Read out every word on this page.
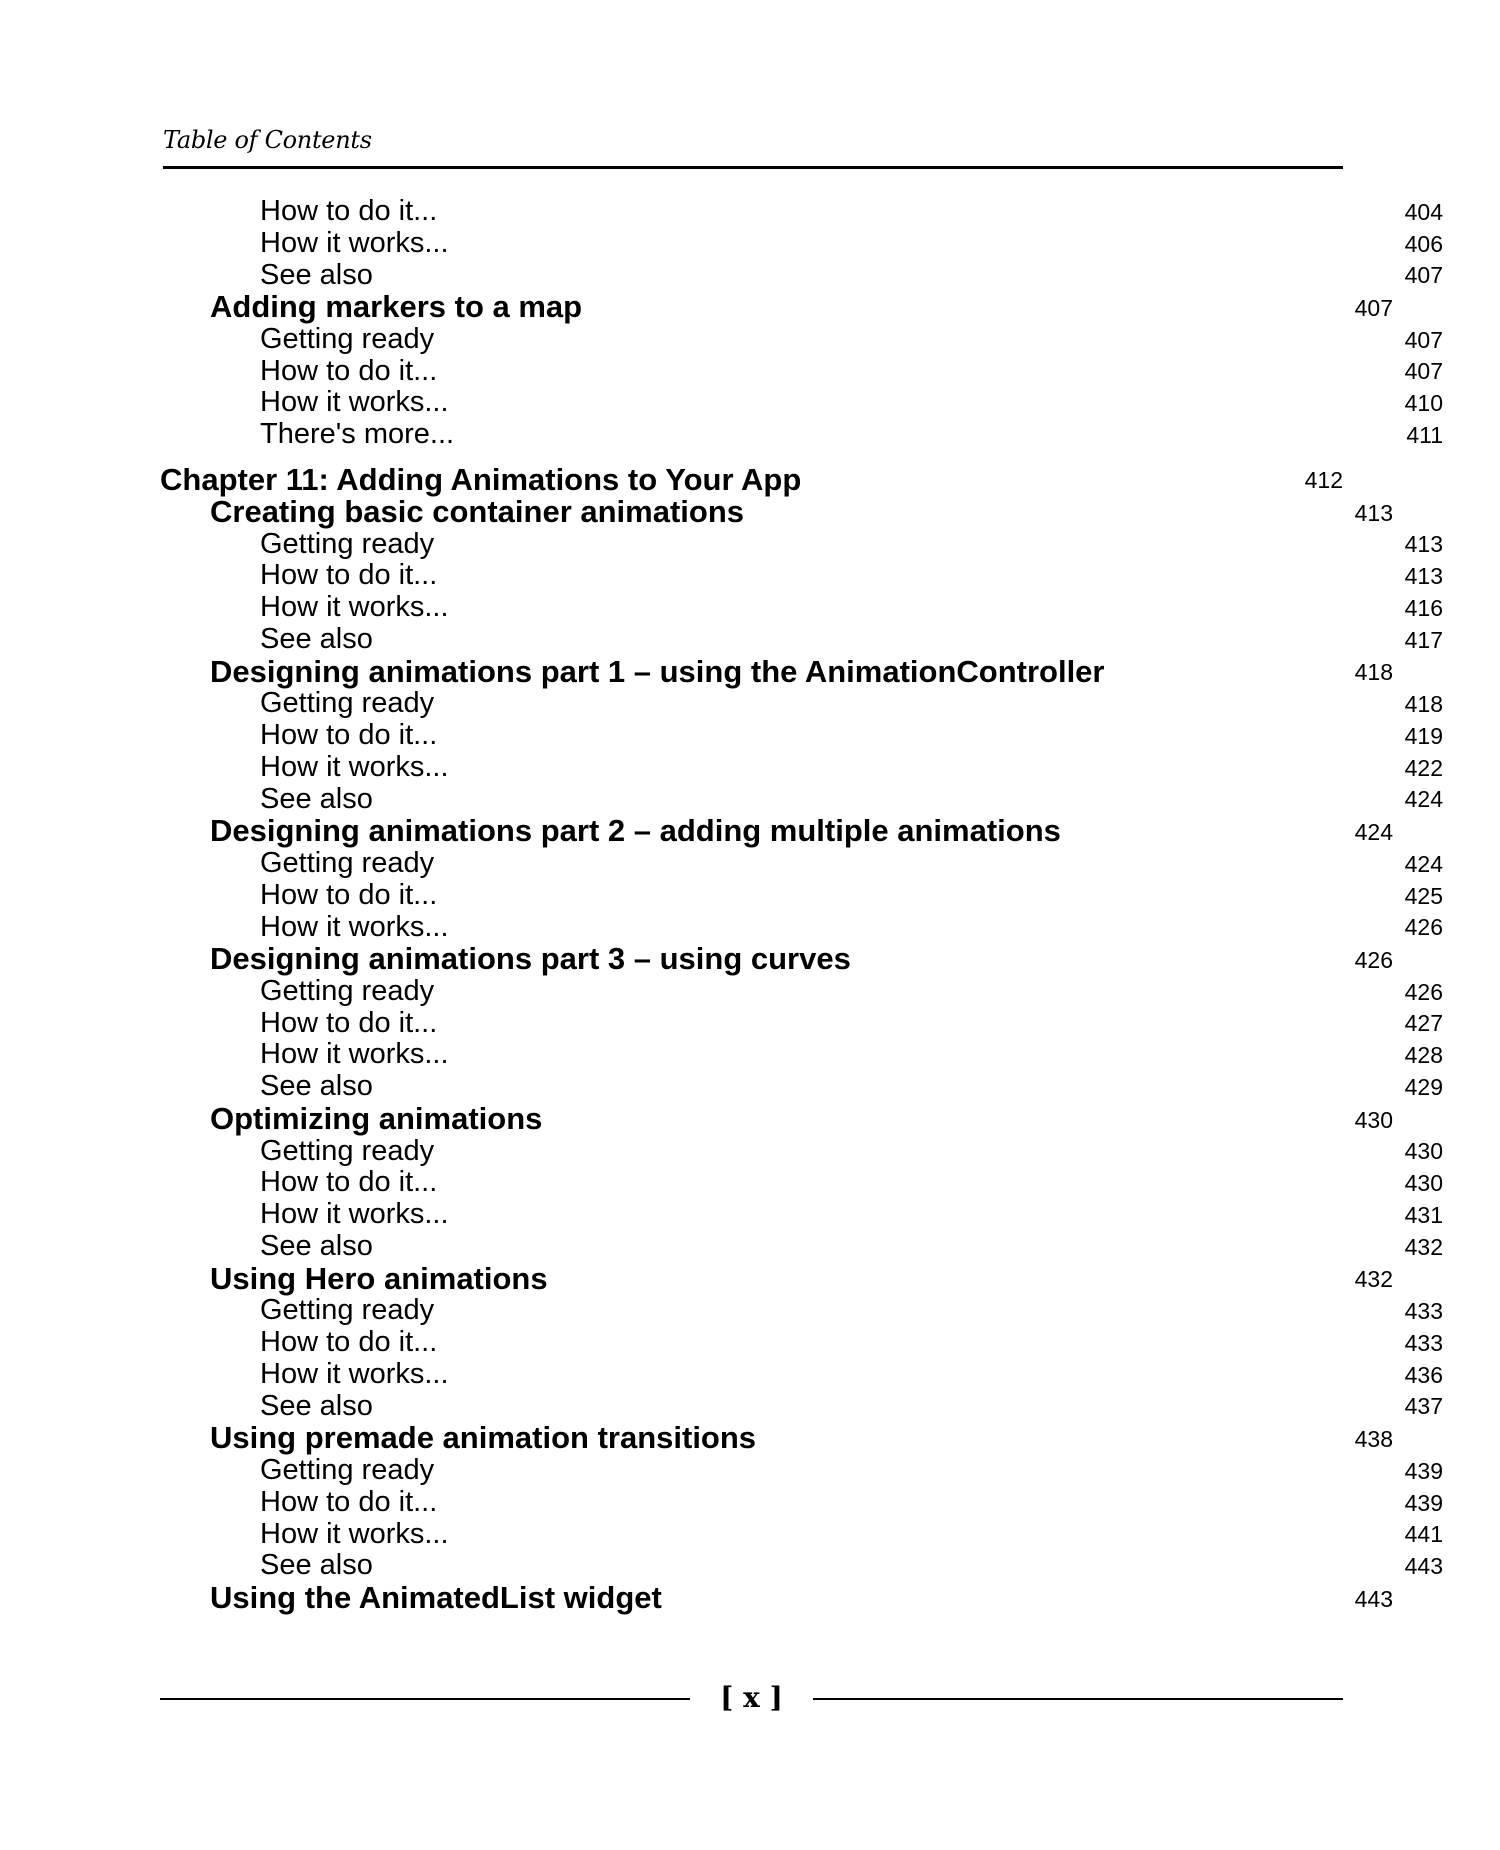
Table of Contents
How to do it...	404
How it works...	406
See also	407
Adding markers to a map	407
Getting ready	407
How to do it...	407
How it works...	410
There's more...	411
Chapter 11: Adding Animations to Your App	412
Creating basic container animations	413
Getting ready	413
How to do it...	413
How it works...	416
See also	417
Designing animations part 1 – using the AnimationController	418
Getting ready	418
How to do it...	419
How it works...	422
See also	424
Designing animations part 2 – adding multiple animations	424
Getting ready	424
How to do it...	425
How it works...	426
Designing animations part 3 – using curves	426
Getting ready	426
How to do it...	427
How it works...	428
See also	429
Optimizing animations	430
Getting ready	430
How to do it...	430
How it works...	431
See also	432
Using Hero animations	432
Getting ready	433
How to do it...	433
How it works...	436
See also	437
Using premade animation transitions	438
Getting ready	439
How to do it...	439
How it works...	441
See also	443
Using the AnimatedList widget	443
[ x ]
